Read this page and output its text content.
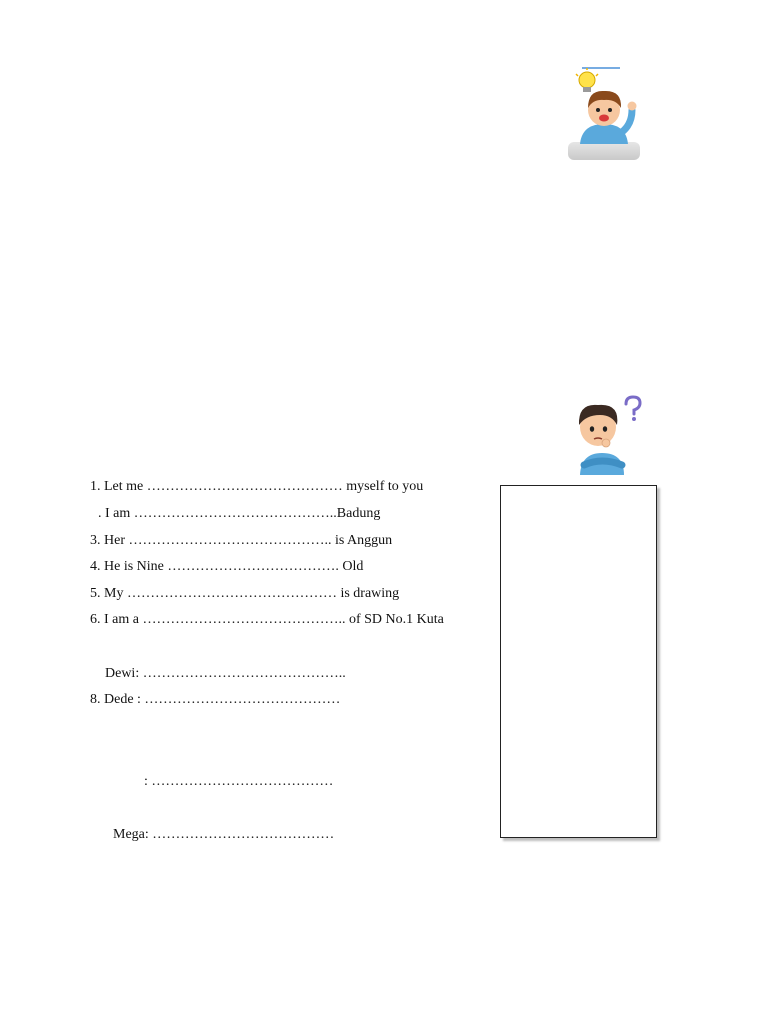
1. Let me …………………………………… myself to you
. I am ……………………………………..Badung
3. Her …………………………………….. is Anggun
4. He is Nine ………………………………. Old
5. My ……………………………………… is drawing
6. I am a …………………………………….. of SD No.1 Kuta
Dewi: ……………………………………..
8. Dede : ……………………………………
: …………………………………
Mega: …………………………………
